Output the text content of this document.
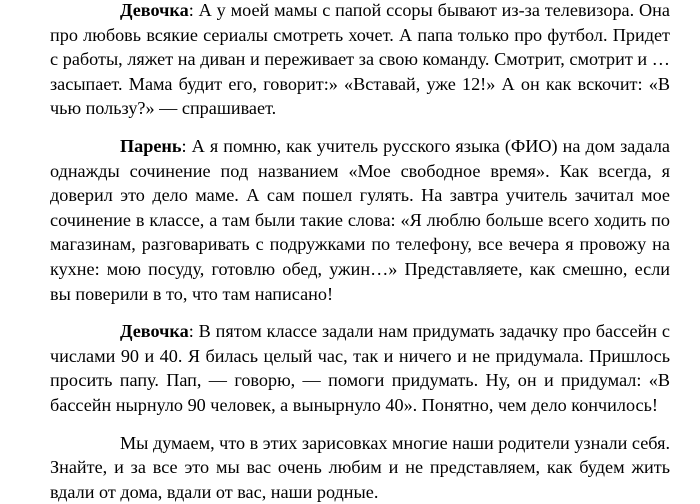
Девочка: А у моей мамы с папой ссоры бывают из-за телевизора. Она про любовь всякие сериалы смотреть хочет. А папа только про футбол. Придет с работы, ляжет на диван и переживает за свою команду. Смотрит, смотрит и … засыпает. Мама будит его, говорит:» «Вставай, уже 12!» А он как вскочит: «В чью пользу?» — спрашивает.

Парень: А я помню, как учитель русского языка (ФИО) на дом задала однажды сочинение под названием «Мое свободное время». Как всегда, я доверил это дело маме. А сам пошел гулять. На завтра учитель зачитал мое сочинение в классе, а там были такие слова: «Я люблю больше всего ходить по магазинам, разговаривать с подружками по телефону, все вечера я провожу на кухне: мою посуду, готовлю обед, ужин…» Представляете, как смешно, если вы поверили в то, что там написано!

Девочка: В пятом классе задали нам придумать задачку про бассейн с числами 90 и 40. Я билась целый час, так и ничего и не придумала. Пришлось просить папу. Пап, — говорю, — помоги придумать. Ну, он и придумал: «В бассейн нырнуло 90 человек, а вынырнуло 40». Понятно, чем дело кончилось!

Мы думаем, что в этих зарисовках многие наши родители узнали себя. Знайте, и за все это мы вас очень любим и не представляем, как будем жить вдали от дома, вдали от вас, наши родные.
